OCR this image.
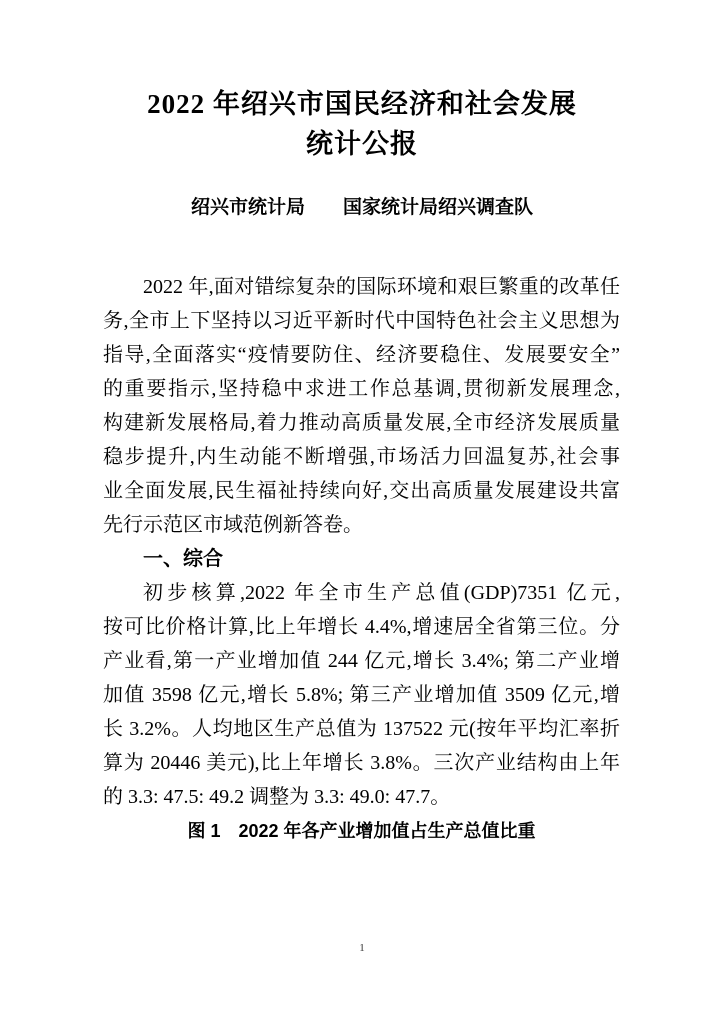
2022 年绍兴市国民经济和社会发展
统计公报
绍兴市统计局　　国家统计局绍兴调查队
2022 年,面对错综复杂的国际环境和艰巨繁重的改革任
务,全市上下坚持以习近平新时代中国特色社会主义思想为
指导,全面落实“疫情要防住、经济要稳住、发展要安全”
的重要指示,坚持稳中求进工作总基调,贯彻新发展理念,
构建新发展格局,着力推动高质量发展,全市经济发展质量
稳步提升,内生动能不断增强,市场活力回温复苏,社会事
业全面发展,民生福祉持续向好,交出高质量发展建设共富
先行示范区市域范例新答卷。
一、综合
初步核算,2022 年全市生产总值(GDP)7351 亿元,
按可比价格计算,比上年增长 4.4%,增速居全省第三位。分
产业看,第一产业增加值 244 亿元,增长 3.4%; 第二产业增
加值 3598 亿元,增长 5.8%; 第三产业增加值 3509 亿元,增
长 3.2%。人均地区生产总值为 137522 元(按年平均汇率折
算为 20446 美元),比上年增长 3.8%。三次产业结构由上年
的 3.3: 47.5: 49.2 调整为 3.3: 49.0: 47.7。
图 1　2022 年各产业增加值占生产总值比重
1
